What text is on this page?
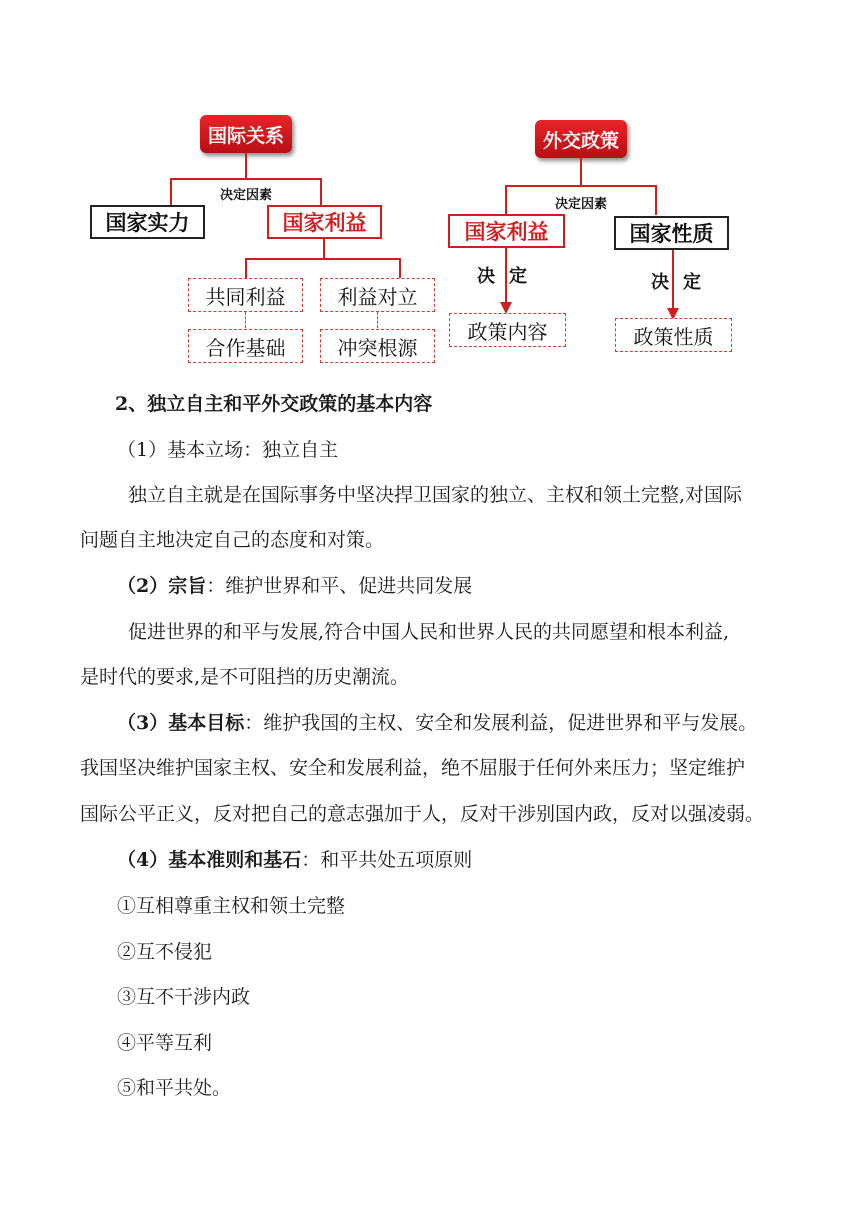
国际关系
决定因素
国家实力	国家利益
共同利益	利益对立
合作基础	冲突根源
外交政策
决定因素
国家利益	国家性质
决定	决定
政策内容	政策性质
2、独立自主和平外交政策的基本内容
（1）基本立场：独立自主
独立自主就是在国际事务中坚决捍卫国家的独立、主权和领土完整,对国际
问题自主地决定自己的态度和对策。
（2）宗旨：维护世界和平、促进共同发展
促进世界的和平与发展,符合中国人民和世界人民的共同愿望和根本利益,
是时代的要求,是不可阻挡的历史潮流。
（3）基本目标：维护我国的主权、安全和发展利益，促进世界和平与发展。
我国坚决维护国家主权、安全和发展利益，绝不屈服于任何外来压力；坚定维护
国际公平正义，反对把自己的意志强加于人，反对干涉别国内政，反对以强凌弱。
（4）基本准则和基石：和平共处五项原则
①互相尊重主权和领土完整
②互不侵犯
③互不干涉内政
④平等互利
⑤和平共处。
